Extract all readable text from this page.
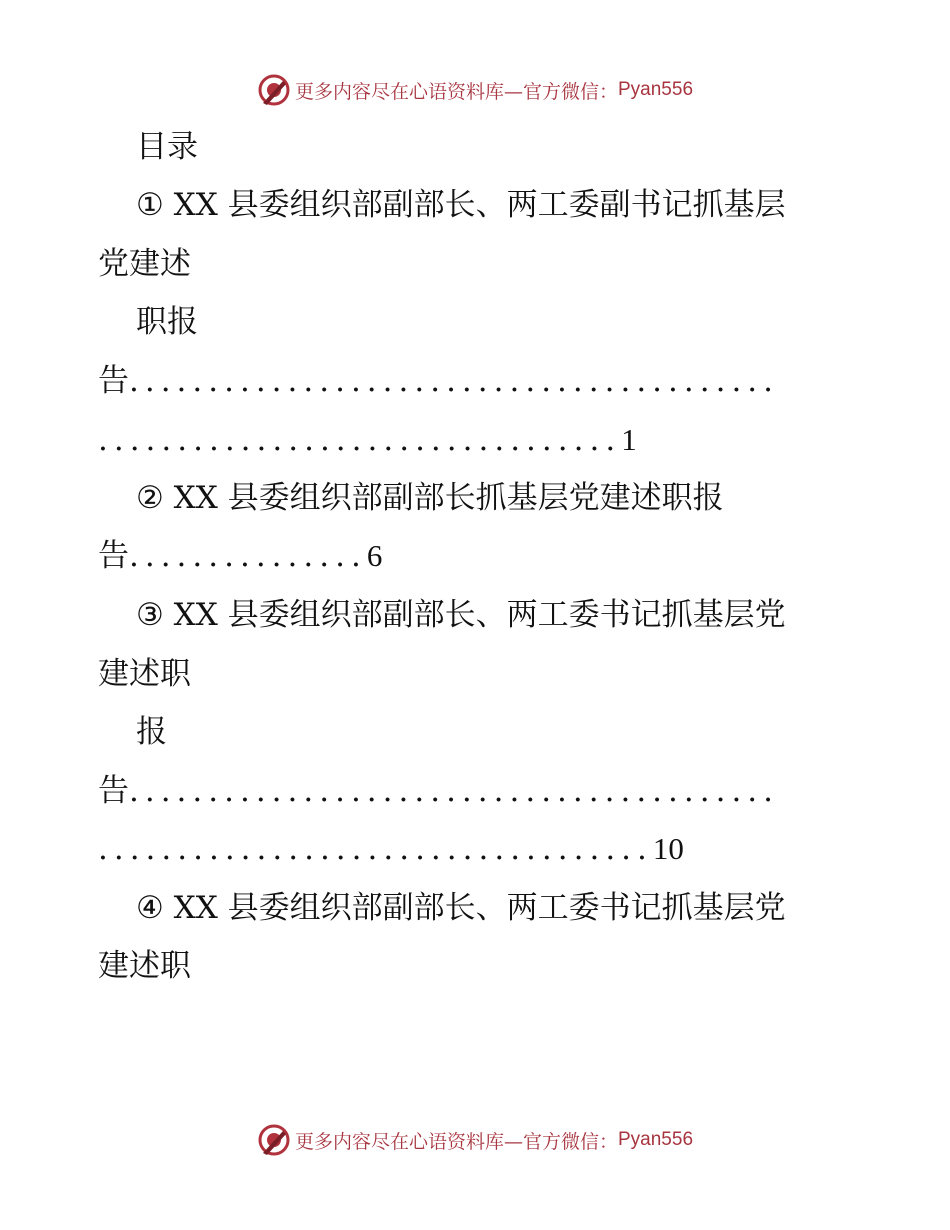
更多内容尽在心语资料库— 官方微信： Pyan556
目录
① XX 县委组织部副部长、两工委副书记抓基层
党建述
职报
告.........................................
.................................1
② XX 县委组织部副部长抓基层党建述职报
告...............6
③ XX 县委组织部副部长、两工委书记抓基层党
建述职
报
告.........................................
...................................10
④ XX 县委组织部副部长、两工委书记抓基层党
建述职
更多内容尽在心语资料库— 官方微信： Pyan556
